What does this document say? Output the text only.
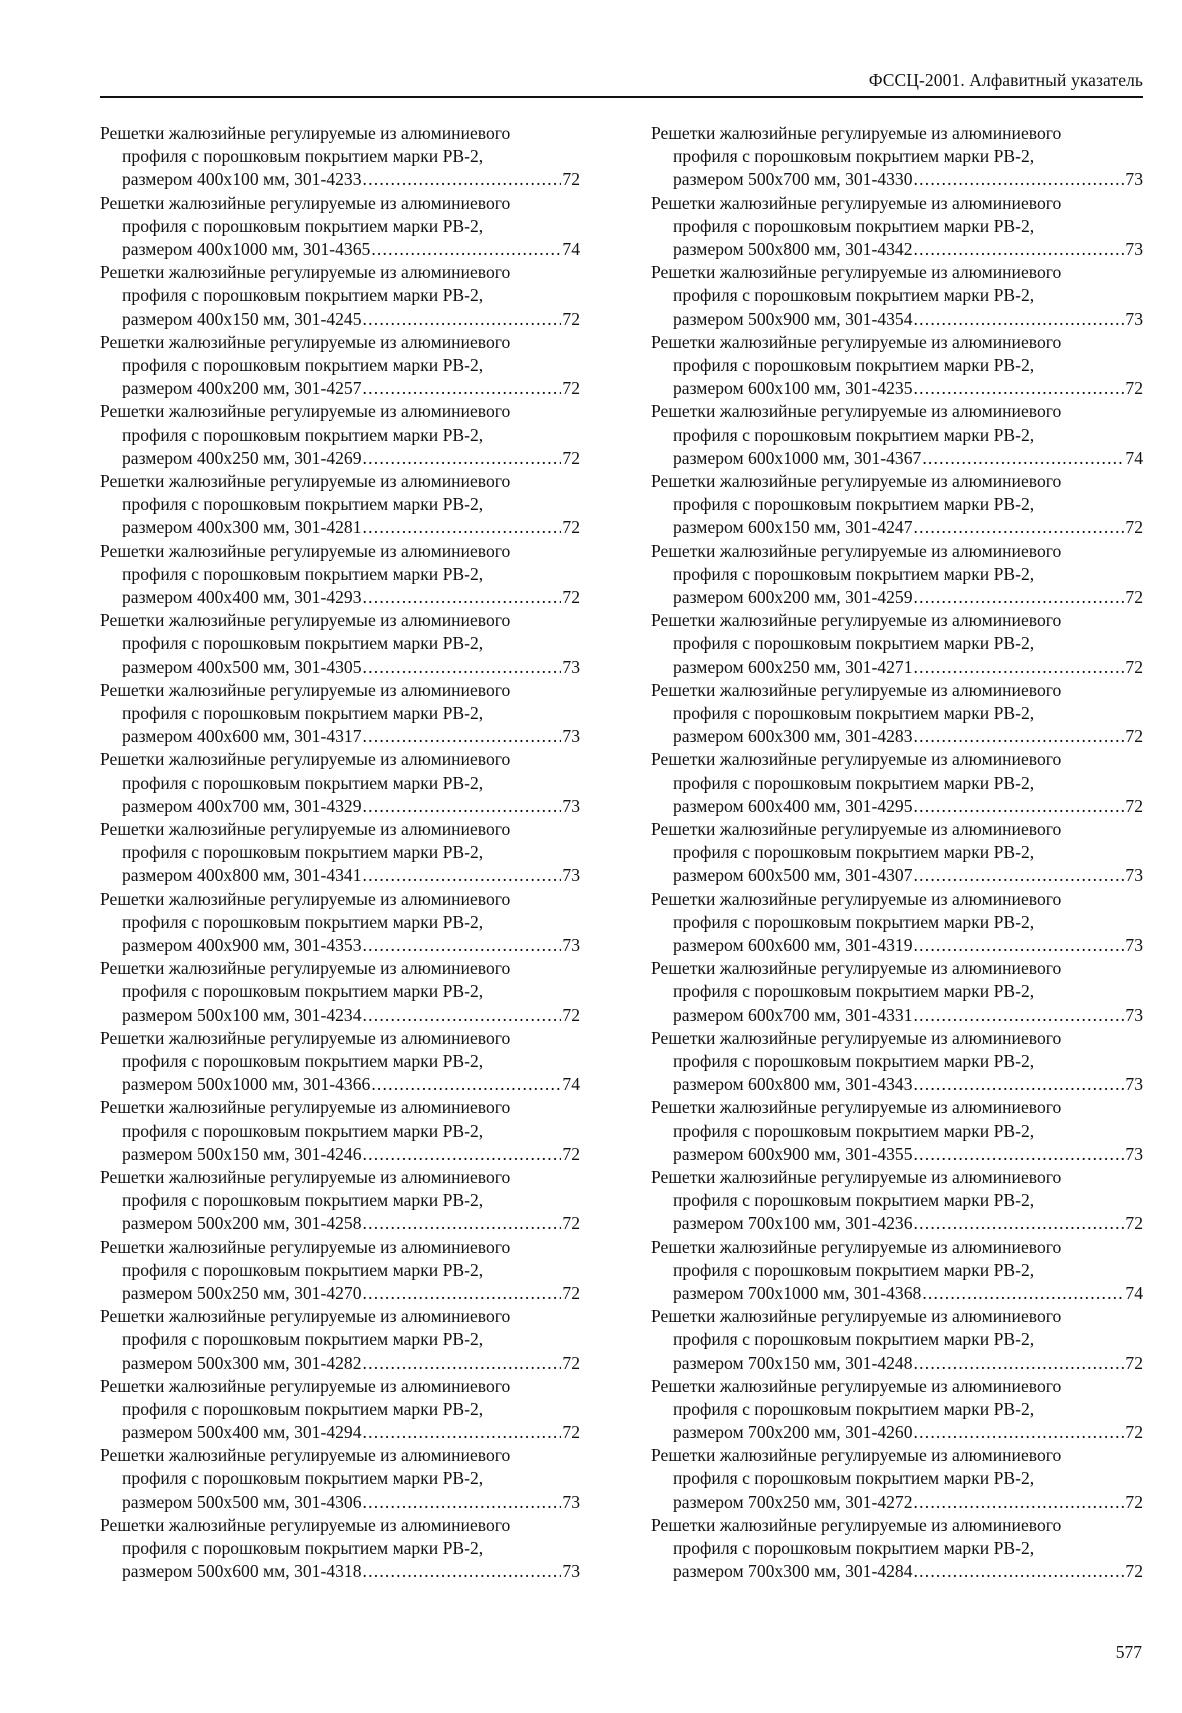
ФССЦ-2001. Алфавитный указатель
Решетки жалюзийные регулируемые из алюминиевого
профиля с порошковым покрытием марки РВ-2,
размером 400х100 мм, 301-4233 .....	72
Решетки жалюзийные регулируемые из алюминиевого
профиля с порошковым покрытием марки РВ-2,
размером 400х1000 мм, 301-4365 .....	74
Решетки жалюзийные регулируемые из алюминиевого
профиля с порошковым покрытием марки РВ-2,
размером 400х150 мм, 301-4245 .....	72
Решетки жалюзийные регулируемые из алюминиевого
профиля с порошковым покрытием марки РВ-2,
размером 400х200 мм, 301-4257 .....	72
Решетки жалюзийные регулируемые из алюминиевого
профиля с порошковым покрытием марки РВ-2,
размером 400х250 мм, 301-4269 .....	72
Решетки жалюзийные регулируемые из алюминиевого
профиля с порошковым покрытием марки РВ-2,
размером 400х300 мм, 301-4281 .....	72
Решетки жалюзийные регулируемые из алюминиевого
профиля с порошковым покрытием марки РВ-2,
размером 400х400 мм, 301-4293 .....	72
Решетки жалюзийные регулируемые из алюминиевого
профиля с порошковым покрытием марки РВ-2,
размером 400х500 мм, 301-4305 .....	73
Решетки жалюзийные регулируемые из алюминиевого
профиля с порошковым покрытием марки РВ-2,
размером 400х600 мм, 301-4317 .....	73
Решетки жалюзийные регулируемые из алюминиевого
профиля с порошковым покрытием марки РВ-2,
размером 400х700 мм, 301-4329 .....	73
Решетки жалюзийные регулируемые из алюминиевого
профиля с порошковым покрытием марки РВ-2,
размером 400х800 мм, 301-4341 .....	73
Решетки жалюзийные регулируемые из алюминиевого
профиля с порошковым покрытием марки РВ-2,
размером 400х900 мм, 301-4353 .....	73
Решетки жалюзийные регулируемые из алюминиевого
профиля с порошковым покрытием марки РВ-2,
размером 500х100 мм, 301-4234 .....	72
Решетки жалюзийные регулируемые из алюминиевого
профиля с порошковым покрытием марки РВ-2,
размером 500х1000 мм, 301-4366 .....	74
Решетки жалюзийные регулируемые из алюминиевого
профиля с порошковым покрытием марки РВ-2,
размером 500х150 мм, 301-4246 .....	72
Решетки жалюзийные регулируемые из алюминиевого
профиля с порошковым покрытием марки РВ-2,
размером 500х200 мм, 301-4258 .....	72
Решетки жалюзийные регулируемые из алюминиевого
профиля с порошковым покрытием марки РВ-2,
размером 500х250 мм, 301-4270 .....	72
Решетки жалюзийные регулируемые из алюминиевого
профиля с порошковым покрытием марки РВ-2,
размером 500х300 мм, 301-4282 .....	72
Решетки жалюзийные регулируемые из алюминиевого
профиля с порошковым покрытием марки РВ-2,
размером 500х400 мм, 301-4294 .....	72
Решетки жалюзийные регулируемые из алюминиевого
профиля с порошковым покрытием марки РВ-2,
размером 500х500 мм, 301-4306 .....	73
Решетки жалюзийные регулируемые из алюминиевого
профиля с порошковым покрытием марки РВ-2,
размером 500х600 мм, 301-4318 .....	73
Решетки жалюзийные регулируемые из алюминиевого
профиля с порошковым покрытием марки РВ-2,
размером 500х700 мм, 301-4330 .....	73
Решетки жалюзийные регулируемые из алюминиевого
профиля с порошковым покрытием марки РВ-2,
размером 500х800 мм, 301-4342 .....	73
Решетки жалюзийные регулируемые из алюминиевого
профиля с порошковым покрытием марки РВ-2,
размером 500х900 мм, 301-4354 .....	73
Решетки жалюзийные регулируемые из алюминиевого
профиля с порошковым покрытием марки РВ-2,
размером 600х100 мм, 301-4235 .....	72
Решетки жалюзийные регулируемые из алюминиевого
профиля с порошковым покрытием марки РВ-2,
размером 600х1000 мм, 301-4367 .....	74
Решетки жалюзийные регулируемые из алюминиевого
профиля с порошковым покрытием марки РВ-2,
размером 600х150 мм, 301-4247 .....	72
Решетки жалюзийные регулируемые из алюминиевого
профиля с порошковым покрытием марки РВ-2,
размером 600х200 мм, 301-4259 .....	72
Решетки жалюзийные регулируемые из алюминиевого
профиля с порошковым покрытием марки РВ-2,
размером 600х250 мм, 301-4271 .....	72
Решетки жалюзийные регулируемые из алюминиевого
профиля с порошковым покрытием марки РВ-2,
размером 600х300 мм, 301-4283 .....	72
Решетки жалюзийные регулируемые из алюминиевого
профиля с порошковым покрытием марки РВ-2,
размером 600х400 мм, 301-4295 .....	72
Решетки жалюзийные регулируемые из алюминиевого
профиля с порошковым покрытием марки РВ-2,
размером 600х500 мм, 301-4307 .....	73
Решетки жалюзийные регулируемые из алюминиевого
профиля с порошковым покрытием марки РВ-2,
размером 600х600 мм, 301-4319 .....	73
Решетки жалюзийные регулируемые из алюминиевого
профиля с порошковым покрытием марки РВ-2,
размером 600х700 мм, 301-4331 .....	73
Решетки жалюзийные регулируемые из алюминиевого
профиля с порошковым покрытием марки РВ-2,
размером 600х800 мм, 301-4343 .....	73
Решетки жалюзийные регулируемые из алюминиевого
профиля с порошковым покрытием марки РВ-2,
размером 600х900 мм, 301-4355 .....	73
Решетки жалюзийные регулируемые из алюминиевого
профиля с порошковым покрытием марки РВ-2,
размером 700х100 мм, 301-4236 .....	72
Решетки жалюзийные регулируемые из алюминиевого
профиля с порошковым покрытием марки РВ-2,
размером 700х1000 мм, 301-4368 .....	74
Решетки жалюзийные регулируемые из алюминиевого
профиля с порошковым покрытием марки РВ-2,
размером 700х150 мм, 301-4248 .....	72
Решетки жалюзийные регулируемые из алюминиевого
профиля с порошковым покрытием марки РВ-2,
размером 700х200 мм, 301-4260 .....	72
Решетки жалюзийные регулируемые из алюминиевого
профиля с порошковым покрытием марки РВ-2,
размером 700х250 мм, 301-4272 .....	72
Решетки жалюзийные регулируемые из алюминиевого
профиля с порошковым покрытием марки РВ-2,
размером 700х300 мм, 301-4284 .....	72
577
